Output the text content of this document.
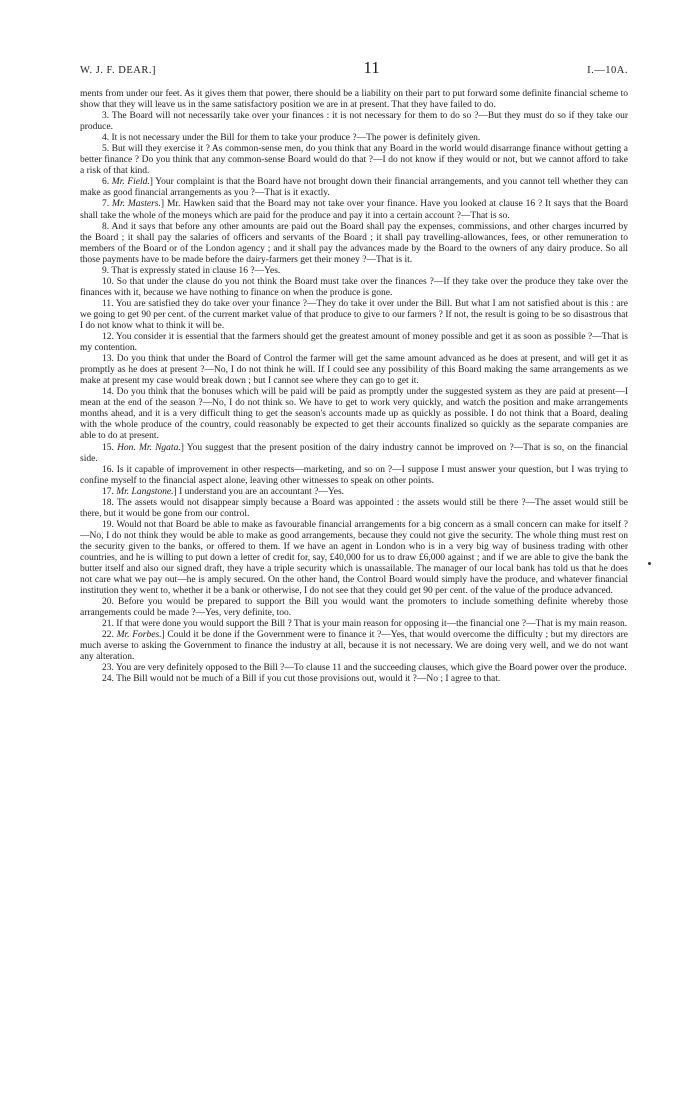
W. J. F. DEAR.]	11	I.—10A.

ments from under our feet. As it gives them that power, there should be a liability on their part to put forward some definite financial scheme to show that they will leave us in the same satisfactory position we are in at present. That they have failed to do.

3. The Board will not necessarily take over your finances : it is not necessary for them to do so ?—But they must do so if they take our produce.

4. It is not necessary under the Bill for them to take your produce ?—The power is definitely given.

5. But will they exercise it ? As common-sense men, do you think that any Board in the world would disarrange finance without getting a better finance ? Do you think that any common-sense Board would do that ?—I do not know if they would or not, but we cannot afford to take a risk of that kind.

6. Mr. Field.] Your complaint is that the Board have not brought down their financial arrangements, and you cannot tell whether they can make as good financial arrangements as you ?—That is it exactly.

7. Mr. Masters.] Mr. Hawken said that the Board may not take over your finance. Have you looked at clause 16 ? It says that the Board shall take the whole of the moneys which are paid for the produce and pay it into a certain account ?—That is so.

8. And it says that before any other amounts are paid out the Board shall pay the expenses, commissions, and other charges incurred by the Board ; it shall pay the salaries of officers and servants of the Board ; it shall pay travelling-allowances, fees, or other remuneration to members of the Board or of the London agency ; and it shall pay the advances made by the Board to the owners of any dairy produce. So all those payments have to be made before the dairy-farmers get their money ?—That is it.

9. That is expressly stated in clause 16 ?—Yes.

10. So that under the clause do you not think the Board must take over the finances ?—If they take over the produce they take over the finances with it, because we have nothing to finance on when the produce is gone.

11. You are satisfied they do take over your finance ?—They do take it over under the Bill. But what I am not satisfied about is this : are we going to get 90 per cent. of the current market value of that produce to give to our farmers ? If not, the result is going to be so disastrous that I do not know what to think it will be.

12. You consider it is essential that the farmers should get the greatest amount of money possible and get it as soon as possible ?—That is my contention.

13. Do you think that under the Board of Control the farmer will get the same amount advanced as he does at present, and will get it as promptly as he does at present ?—No, I do not think he will. If I could see any possibility of this Board making the same arrangements as we make at present my case would break down ; but I cannot see where they can go to get it.

14. Do you think that the bonuses which will be paid will be paid as promptly under the suggested system as they are paid at present—I mean at the end of the season ?—No, I do not think so. We have to get to work very quickly, and watch the position and make arrangements months ahead, and it is a very difficult thing to get the season's accounts made up as quickly as possible. I do not think that a Board, dealing with the whole produce of the country, could reasonably be expected to get their accounts finalized so quickly as the separate companies are able to do at present.

15. Hon. Mr. Ngata.] You suggest that the present position of the dairy industry cannot be improved on ?—That is so, on the financial side.

16. Is it capable of improvement in other respects—marketing, and so on ?—I suppose I must answer your question, but I was trying to confine myself to the financial aspect alone, leaving other witnesses to speak on other points.

17. Mr. Langstone.] I understand you are an accountant ?—Yes.

18. The assets would not disappear simply because a Board was appointed : the assets would still be there ?—The asset would still be there, but it would be gone from our control.

19. Would not that Board be able to make as favourable financial arrangements for a big concern as a small concern can make for itself ?—No, I do not think they would be able to make as good arrangements, because they could not give the security. The whole thing must rest on the security given to the banks, or offered to them. If we have an agent in London who is in a very big way of business trading with other countries, and he is willing to put down a letter of credit for, say, £40,000 for us to draw £6,000 against ; and if we are able to give the bank the butter itself and also our signed draft, they have a triple security which is unassailable. The manager of our local bank has told us that he does not care what we pay out—he is amply secured. On the other hand, the Control Board would simply have the produce, and whatever financial institution they went to, whether it be a bank or otherwise, I do not see that they could get 90 per cent. of the value of the produce advanced.

20. Before you would be prepared to support the Bill you would want the promoters to include something definite whereby those arrangements could be made ?—Yes, very definite, too.

21. If that were done you would support the Bill ? That is your main reason for opposing it—the financial one ?—That is my main reason.

22. Mr. Forbes.] Could it be done if the Government were to finance it ?—Yes, that would overcome the difficulty ; but my directors are much averse to asking the Government to finance the industry at all, because it is not necessary. We are doing very well, and we do not want any alteration.

23. You are very definitely opposed to the Bill ?—To clause 11 and the succeeding clauses, which give the Board power over the produce.

24. The Bill would not be much of a Bill if you cut those provisions out, would it ?—No ; I agree to that.
